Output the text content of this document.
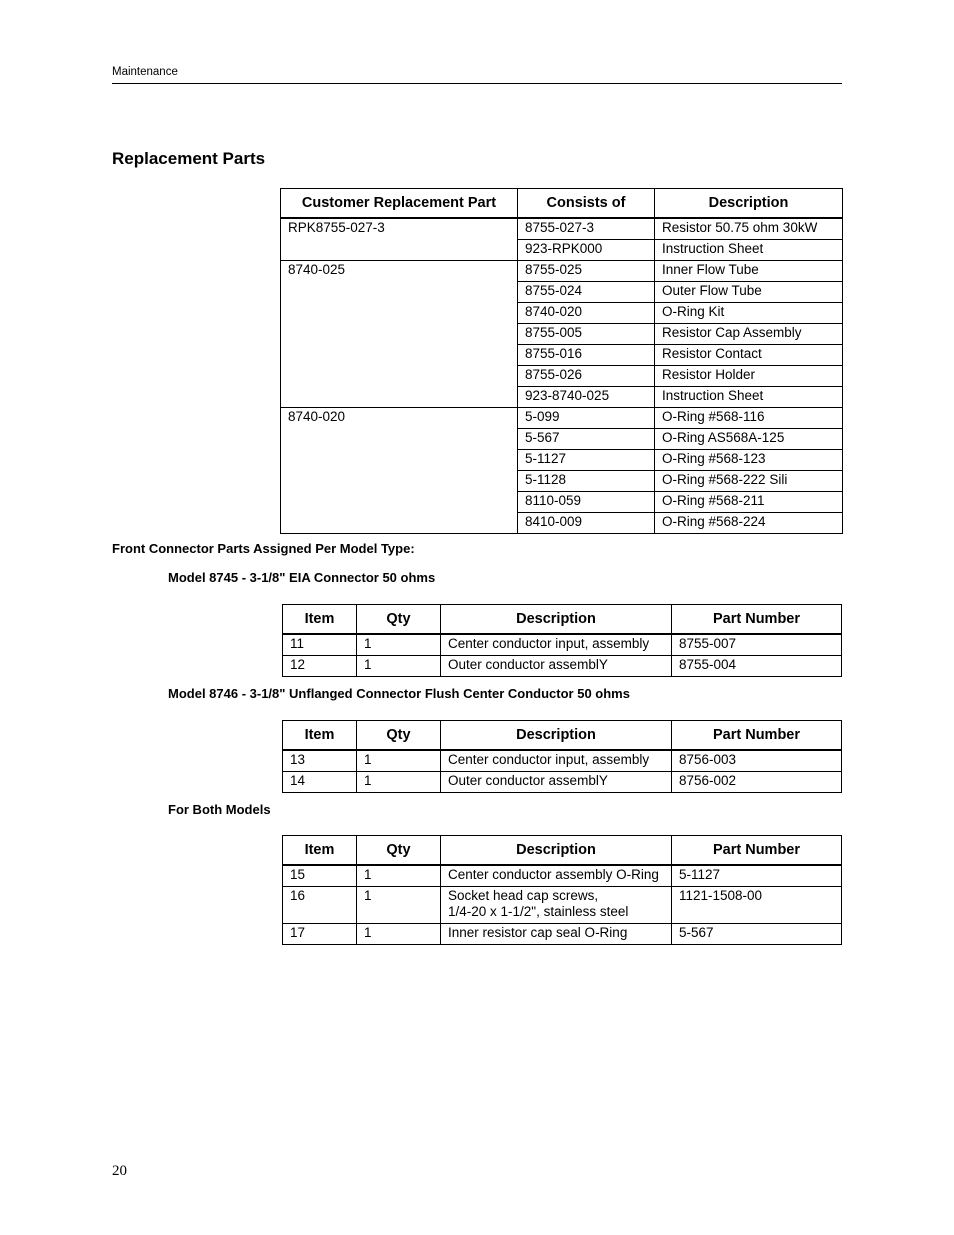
Maintenance
Replacement Parts
Customer Replacement Part	Consists of	Description
RPK8755-027-3	8755-027-3	Resistor 50.75 ohm 30kW
	923-RPK000	Instruction Sheet
8740-025	8755-025	Inner Flow Tube
	8755-024	Outer Flow Tube
	8740-020	O-Ring Kit
	8755-005	Resistor Cap Assembly
	8755-016	Resistor Contact
	8755-026	Resistor Holder
	923-8740-025	Instruction Sheet
8740-020	5-099	O-Ring #568-116
	5-567	O-Ring AS568A-125
	5-1127	O-Ring #568-123
	5-1128	O-Ring #568-222 Sili
	8110-059	O-Ring #568-211
	8410-009	O-Ring #568-224
Front Connector Parts Assigned Per Model Type:
Model 8745 - 3-1/8" EIA Connector 50 ohms
Item	Qty	Description	Part Number
11	1	Center conductor input, assembly	8755-007
12	1	Outer conductor assemblY	8755-004
Model 8746 - 3-1/8" Unflanged Connector Flush Center Conductor 50 ohms
Item	Qty	Description	Part Number
13	1	Center conductor input, assembly	8756-003
14	1	Outer conductor assemblY	8756-002
For Both Models
Item	Qty	Description	Part Number
15	1	Center conductor assembly O-Ring	5-1127
16	1	Socket head cap screws,
1/4-20 x 1-1/2", stainless steel	1121-1508-00
17	1	Inner resistor cap seal O-Ring	5-567
20
